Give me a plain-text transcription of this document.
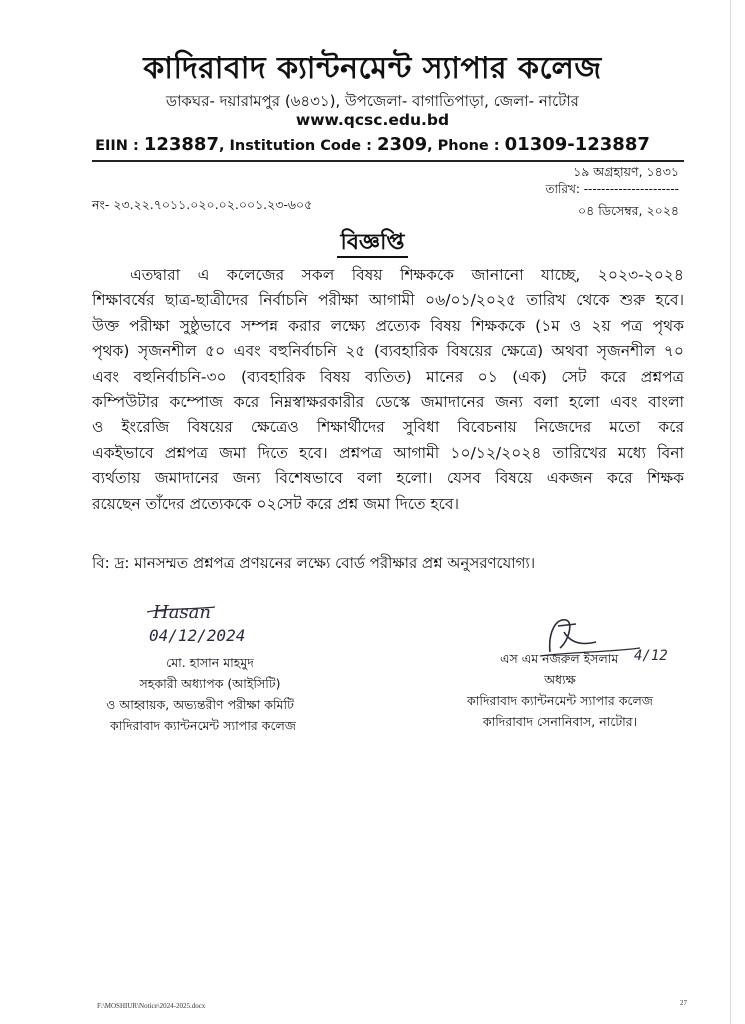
কাদিরাবাদ ক্যান্টনমেন্ট স্যাপার কলেজ
ডাকঘর- দয়ারামপুর (৬৪৩১), উপজেলা- বাগাতিপাড়া, জেলা- নাটোর
www.qcsc.edu.bd
EIIN : 123887, Institution Code : 2309, Phone : 01309-123887
১৯ অগ্রহায়ণ, ১৪৩১
তারিখ: ----------------------
নং- ২৩.২২.৭০১১.০২০.০২.০০১.২৩-৬০৫	০৪ ডিসেম্বর, ২০২৪
বিজ্ঞপ্তি
এতদ্বারা এ কলেজের সকল বিষয় শিক্ষককে জানানো যাচ্ছে, ২০২৩-২০২৪
শিক্ষাবর্ষের ছাত্র-ছাত্রীদের নির্বাচনি পরীক্ষা আগামী ০৬/০১/২০২৫ তারিখ থেকে শুরু হবে।
উক্ত পরীক্ষা সুষ্ঠুভাবে সম্পন্ন করার লক্ষ্যে প্রত্যেক বিষয় শিক্ষককে (১ম ও ২য় পত্র পৃথক
পৃথক) সৃজনশীল ৫০ এবং বহুনির্বাচনি ২৫ (ব্যবহারিক বিষয়ের ক্ষেত্রে) অথবা সৃজনশীল ৭০
এবং বহুনির্বাচনি-৩০ (ব্যবহারিক বিষয় ব্যতিত) মানের ০১ (এক) সেট করে প্রশ্নপত্র
কম্পিউটার কম্পোজ করে নিম্নস্বাক্ষরকারীর ডেস্কে জমাদানের জন্য বলা হলো এবং বাংলা
ও ইংরেজি বিষয়ের ক্ষেত্রেও শিক্ষার্থীদের সুবিধা বিবেচনায় নিজেদের মতো করে
একইভাবে প্রশ্নপত্র জমা দিতে হবে। প্রশ্নপত্র আগামী ১০/১২/২০২৪ তারিখের মধ্যে বিনা
ব্যর্থতায় জমাদানের জন্য বিশেষভাবে বলা হলো। যেসব বিষয়ে একজন করে শিক্ষক
রয়েছেন তাঁদের প্রত্যেককে ০২সেট করে প্রশ্ন জমা দিতে হবে।
বি: দ্র: মানসম্মত প্রশ্নপত্র প্রণয়নের লক্ষ্যে বোর্ড পরীক্ষার প্রশ্ন অনুসরণযোগ্য।
Hasan
04/12/2024
মো. হাসান মাহমুদ
সহকারী অধ্যাপক (আইসিটি)
ও আহ্বায়ক, অভ্যন্তরীণ পরীক্ষা কমিটি
কাদিরাবাদ ক্যান্টনমেন্ট স্যাপার কলেজ
4/12
এস এম নজরুল ইসলাম
অধ্যক্ষ
কাদিরাবাদ ক্যান্টনমেন্ট স্যাপার কলেজ
কাদিরাবাদ সেনানিবাস, নাটোর।
F:\MOSHIUR\Notice\2024-2025.docx	27
